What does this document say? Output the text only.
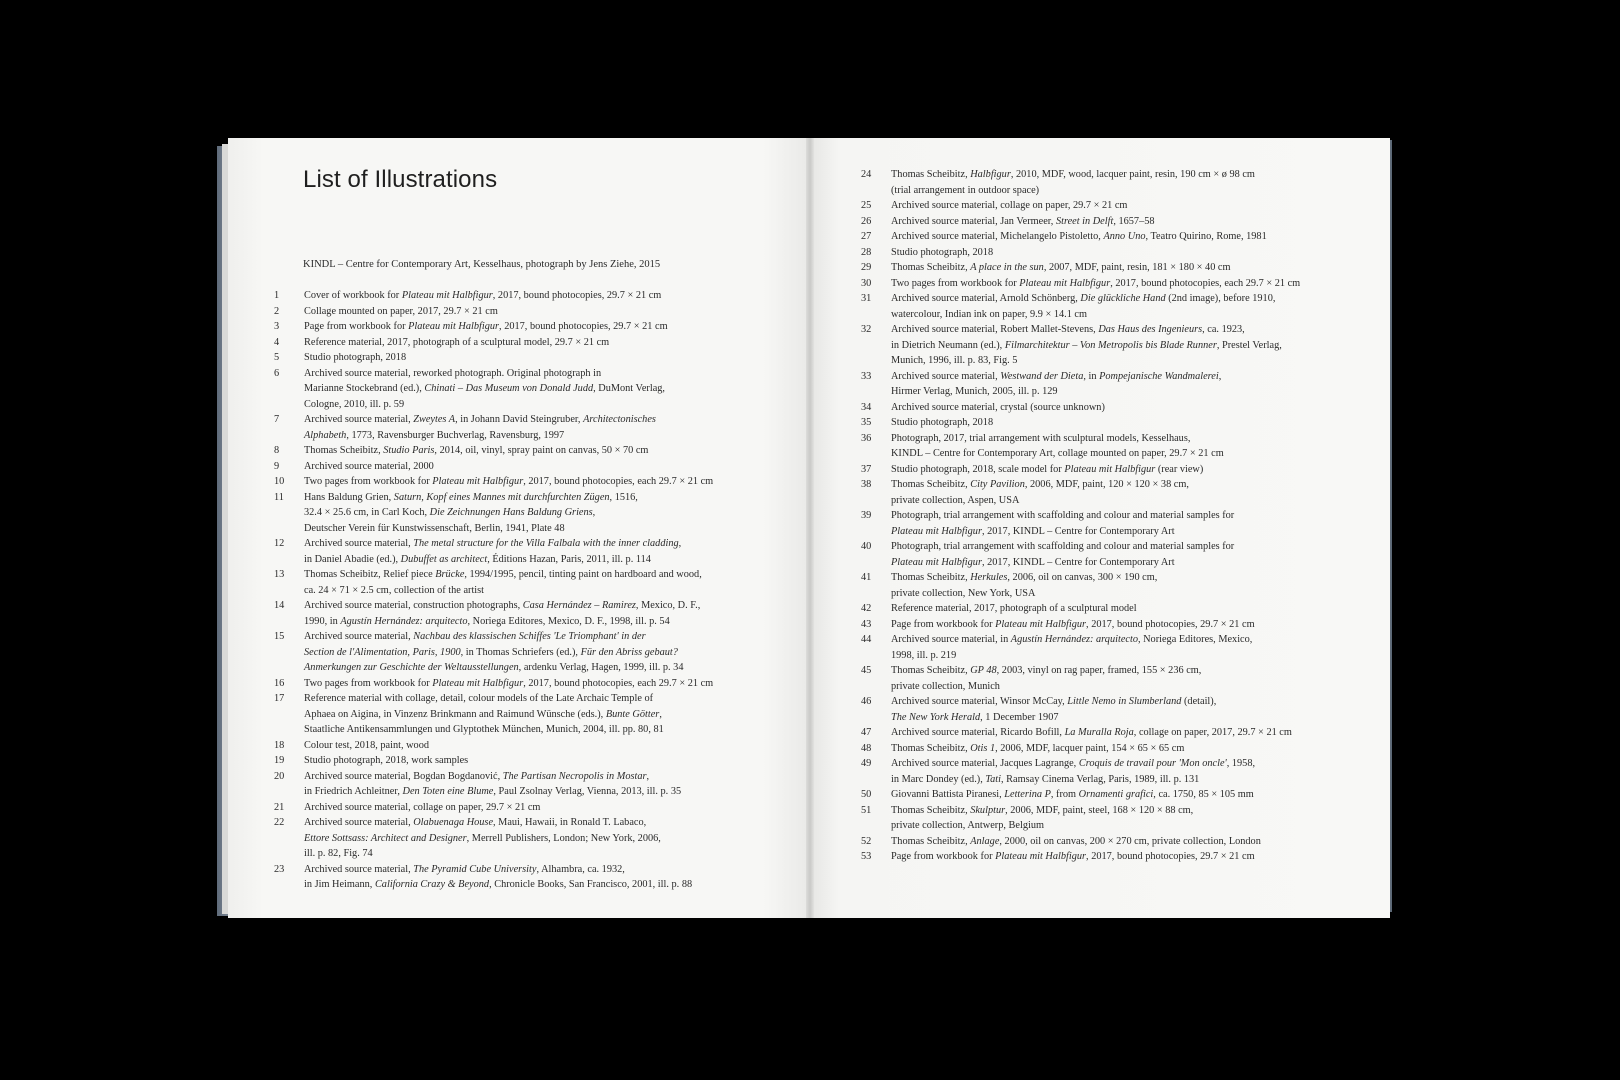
List of Illustrations
KINDL – Centre for Contemporary Art, Kesselhaus, photograph by Jens Ziehe, 2015
1	Cover of workbook for Plateau mit Halbfigur, 2017, bound photocopies, 29.7 × 21 cm
2	Collage mounted on paper, 2017, 29.7 × 21 cm
3	Page from workbook for Plateau mit Halbfigur, 2017, bound photocopies, 29.7 × 21 cm
4	Reference material, 2017, photograph of a sculptural model, 29.7 × 21 cm
5	Studio photograph, 2018
6	Archived source material, reworked photograph. Original photograph in
Marianne Stockebrand (ed.), Chinati – Das Museum von Donald Judd, DuMont Verlag,
Cologne, 2010, ill. p. 59
7	Archived source material, Zweytes A, in Johann David Steingruber, Architectonisches
Alphabeth, 1773, Ravensburger Buchverlag, Ravensburg, 1997
8	Thomas Scheibitz, Studio Paris, 2014, oil, vinyl, spray paint on canvas, 50 × 70 cm
9	Archived source material, 2000
10	Two pages from workbook for Plateau mit Halbfigur, 2017, bound photocopies, each 29.7 × 21 cm
11	Hans Baldung Grien, Saturn, Kopf eines Mannes mit durchfurchten Zügen, 1516,
32.4 × 25.6 cm, in Carl Koch, Die Zeichnungen Hans Baldung Griens,
Deutscher Verein für Kunstwissenschaft, Berlin, 1941, Plate 48
12	Archived source material, The metal structure for the Villa Falbala with the inner cladding,
in Daniel Abadie (ed.), Dubuffet as architect, Éditions Hazan, Paris, 2011, ill. p. 114
13	Thomas Scheibitz, Relief piece Brücke, 1994/1995, pencil, tinting paint on hardboard and wood,
ca. 24 × 71 × 2.5 cm, collection of the artist
14	Archived source material, construction photographs, Casa Hernández – Ramirez, Mexico, D. F.,
1990, in Agustín Hernández: arquitecto, Noriega Editores, Mexico, D. F., 1998, ill. p. 54
15	Archived source material, Nachbau des klassischen Schiffes 'Le Triomphant' in der
Section de l'Alimentation, Paris, 1900, in Thomas Schriefers (ed.), Für den Abriss gebaut?
Anmerkungen zur Geschichte der Weltausstellungen, ardenku Verlag, Hagen, 1999, ill. p. 34
16	Two pages from workbook for Plateau mit Halbfigur, 2017, bound photocopies, each 29.7 × 21 cm
17	Reference material with collage, detail, colour models of the Late Archaic Temple of
Aphaea on Aigina, in Vinzenz Brinkmann and Raimund Wünsche (eds.), Bunte Götter,
Staatliche Antikensammlungen und Glyptothek München, Munich, 2004, ill. pp. 80, 81
18	Colour test, 2018, paint, wood
19	Studio photograph, 2018, work samples
20	Archived source material, Bogdan Bogdanović, The Partisan Necropolis in Mostar,
in Friedrich Achleitner, Den Toten eine Blume, Paul Zsolnay Verlag, Vienna, 2013, ill. p. 35
21	Archived source material, collage on paper, 29.7 × 21 cm
22	Archived source material, Olabuenaga House, Maui, Hawaii, in Ronald T. Labaco,
Ettore Sottsass: Architect and Designer, Merrell Publishers, London; New York, 2006,
ill. p. 82, Fig. 74
23	Archived source material, The Pyramid Cube University, Alhambra, ca. 1932,
in Jim Heimann, California Crazy & Beyond, Chronicle Books, San Francisco, 2001, ill. p. 88
24	Thomas Scheibitz, Halbfigur, 2010, MDF, wood, lacquer paint, resin, 190 cm × ø 98 cm
(trial arrangement in outdoor space)
25	Archived source material, collage on paper, 29.7 × 21 cm
26	Archived source material, Jan Vermeer, Street in Delft, 1657–58
27	Archived source material, Michelangelo Pistoletto, Anno Uno, Teatro Quirino, Rome, 1981
28	Studio photograph, 2018
29	Thomas Scheibitz, A place in the sun, 2007, MDF, paint, resin, 181 × 180 × 40 cm
30	Two pages from workbook for Plateau mit Halbfigur, 2017, bound photocopies, each 29.7 × 21 cm
31	Archived source material, Arnold Schönberg, Die glückliche Hand (2nd image), before 1910,
watercolour, Indian ink on paper, 9.9 × 14.1 cm
32	Archived source material, Robert Mallet-Stevens, Das Haus des Ingenieurs, ca. 1923,
in Dietrich Neumann (ed.), Filmarchitektur – Von Metropolis bis Blade Runner, Prestel Verlag,
Munich, 1996, ill. p. 83, Fig. 5
33	Archived source material, Westwand der Dieta, in Pompejanische Wandmalerei,
Hirmer Verlag, Munich, 2005, ill. p. 129
34	Archived source material, crystal (source unknown)
35	Studio photograph, 2018
36	Photograph, 2017, trial arrangement with sculptural models, Kesselhaus,
KINDL – Centre for Contemporary Art, collage mounted on paper, 29.7 × 21 cm
37	Studio photograph, 2018, scale model for Plateau mit Halbfigur (rear view)
38	Thomas Scheibitz, City Pavilion, 2006, MDF, paint, 120 × 120 × 38 cm,
private collection, Aspen, USA
39	Photograph, trial arrangement with scaffolding and colour and material samples for
Plateau mit Halbfigur, 2017, KINDL – Centre for Contemporary Art
40	Photograph, trial arrangement with scaffolding and colour and material samples for
Plateau mit Halbfigur, 2017, KINDL – Centre for Contemporary Art
41	Thomas Scheibitz, Herkules, 2006, oil on canvas, 300 × 190 cm,
private collection, New York, USA
42	Reference material, 2017, photograph of a sculptural model
43	Page from workbook for Plateau mit Halbfigur, 2017, bound photocopies, 29.7 × 21 cm
44	Archived source material, in Agustín Hernández: arquitecto, Noriega Editores, Mexico,
1998, ill. p. 219
45	Thomas Scheibitz, GP 48, 2003, vinyl on rag paper, framed, 155 × 236 cm,
private collection, Munich
46	Archived source material, Winsor McCay, Little Nemo in Slumberland (detail),
The New York Herald, 1 December 1907
47	Archived source material, Ricardo Bofill, La Muralla Roja, collage on paper, 2017, 29.7 × 21 cm
48	Thomas Scheibitz, Otis 1, 2006, MDF, lacquer paint, 154 × 65 × 65 cm
49	Archived source material, Jacques Lagrange, Croquis de travail pour 'Mon oncle', 1958,
in Marc Dondey (ed.), Tati, Ramsay Cinema Verlag, Paris, 1989, ill. p. 131
50	Giovanni Battista Piranesi, Letterina P, from Ornamenti grafici, ca. 1750, 85 × 105 mm
51	Thomas Scheibitz, Skulptur, 2006, MDF, paint, steel, 168 × 120 × 88 cm,
private collection, Antwerp, Belgium
52	Thomas Scheibitz, Anlage, 2000, oil on canvas, 200 × 270 cm, private collection, London
53	Page from workbook for Plateau mit Halbfigur, 2017, bound photocopies, 29.7 × 21 cm
